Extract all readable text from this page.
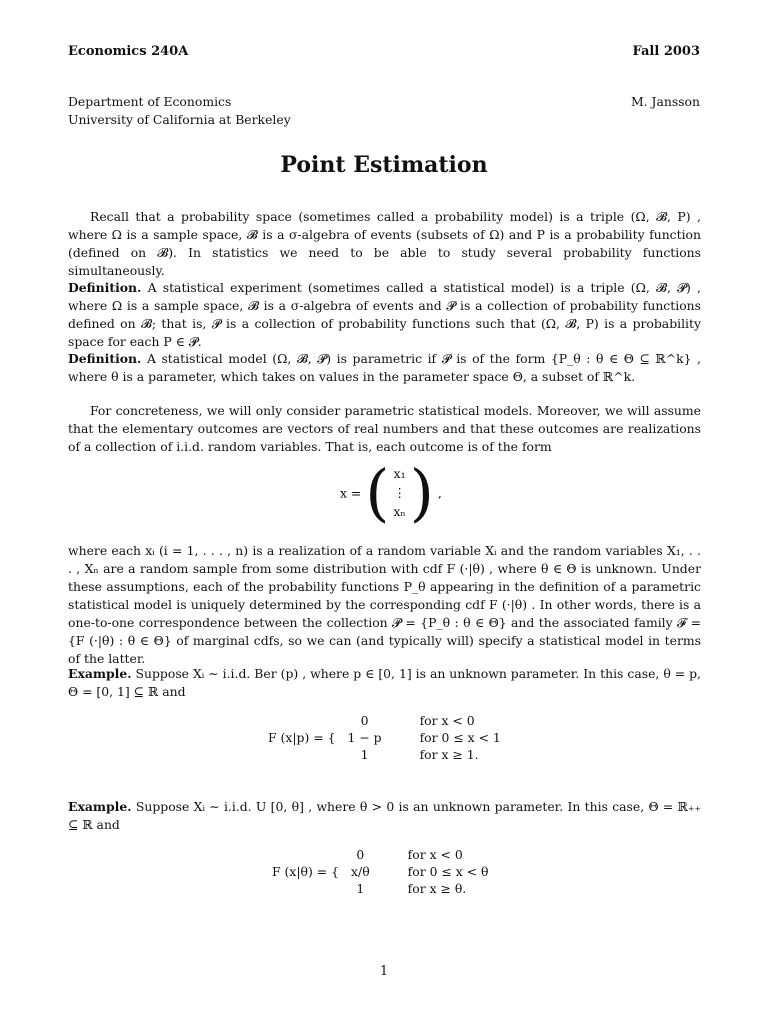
Economics 240A	Fall 2003
Department of Economics	M. Jansson
University of California at Berkeley
Point Estimation
Recall that a probability space (sometimes called a probability model) is a triple (Ω, 𝓑, P) , where Ω is a sample space, 𝓑 is a σ-algebra of events (subsets of Ω) and P is a probability function (defined on 𝓑). In statistics we need to be able to study several probability functions simultaneously.
Definition. A statistical experiment (sometimes called a statistical model) is a triple (Ω, 𝓑, 𝓟) , where Ω is a sample space, 𝓑 is a σ-algebra of events and 𝓟 is a collection of probability functions defined on 𝓑; that is, 𝓟 is a collection of probability functions such that (Ω, 𝓑, P) is a probability space for each P ∈ 𝓟.
Definition. A statistical model (Ω, 𝓑, 𝓟) is parametric if 𝓟 is of the form {P_θ : θ ∈ Θ ⊆ ℝ^k} , where θ is a parameter, which takes on values in the parameter space Θ, a subset of ℝ^k.
For concreteness, we will only consider parametric statistical models. Moreover, we will assume that the elementary outcomes are vectors of real numbers and that these outcomes are realizations of a collection of i.i.d. random variables. That is, each outcome is of the form
x = ( x₁
⋮
xₙ ) ,
where each xᵢ (i = 1, . . . , n) is a realization of a random variable Xᵢ and the random variables X₁, . . . , Xₙ are a random sample from some distribution with cdf F (·|θ) , where θ ∈ Θ is unknown. Under these assumptions, each of the probability functions P_θ appearing in the definition of a parametric statistical model is uniquely determined by the corresponding cdf F (·|θ) . In other words, there is a one-to-one correspondence between the collection 𝓟 = {P_θ : θ ∈ Θ} and the associated family 𝓕 = {F (·|θ) : θ ∈ Θ} of marginal cdfs, so we can (and typically will) specify a statistical model in terms of the latter.
Example. Suppose Xᵢ ∼ i.i.d. Ber (p) , where p ∈ [0, 1] is an unknown parameter. In this case, θ = p, Θ = [0, 1] ⊆ ℝ and
F (x|p) =	{	0	for x < 0
		1 − p	for 0 ≤ x < 1
		1	for x ≥ 1.
Example. Suppose Xᵢ ∼ i.i.d. U [0, θ] , where θ > 0 is an unknown parameter. In this case, Θ = ℝ₊₊ ⊆ ℝ and
F (x|θ) =	{	0	for x < 0
		x/θ	for 0 ≤ x < θ
		1	for x ≥ θ.
1
